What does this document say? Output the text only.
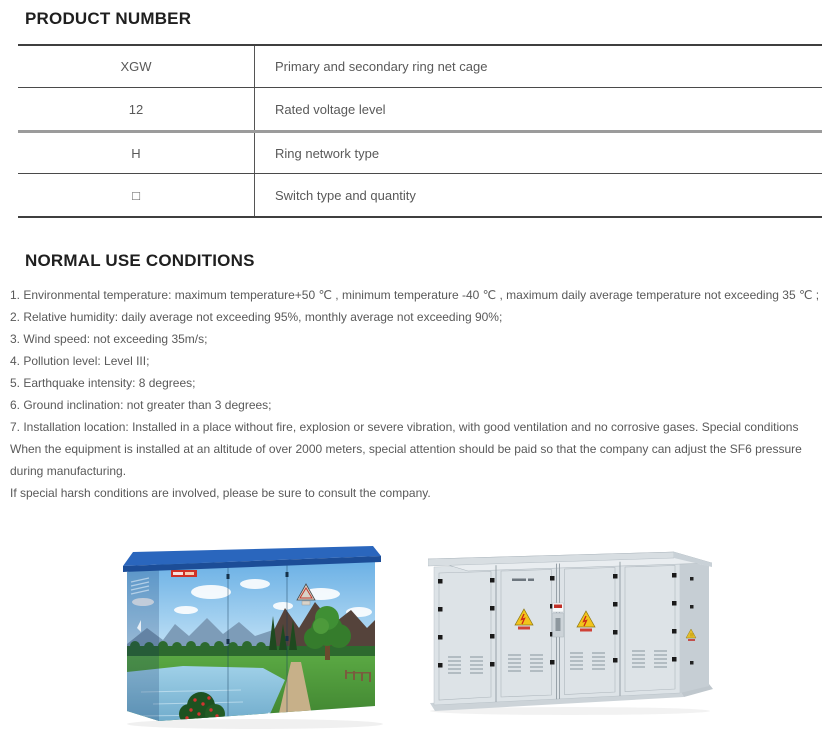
PRODUCT NUMBER
XGW	Primary and secondary ring net cage
12	Rated voltage level
H	Ring network type
□	Switch type and quantity
NORMAL USE CONDITIONS
1. Environmental temperature: maximum temperature+50 ℃ , minimum temperature -40 ℃ , maximum daily average temperature not exceeding 35 ℃ ;
2. Relative humidity: daily average not exceeding 95%, monthly average not exceeding 90%;
3. Wind speed: not exceeding 35m/s;
4. Pollution level: Level III;
5. Earthquake intensity: 8 degrees;
6. Ground inclination: not greater than 3 degrees;
7. Installation location: Installed in a place without fire, explosion or severe vibration, with good ventilation and no corrosive gases. Special conditions
When the equipment is installed at an altitude of over 2000 meters, special attention should be paid so that the company can adjust the SF6 pressure
during manufacturing.
If special harsh conditions are involved, please be sure to consult the company.
